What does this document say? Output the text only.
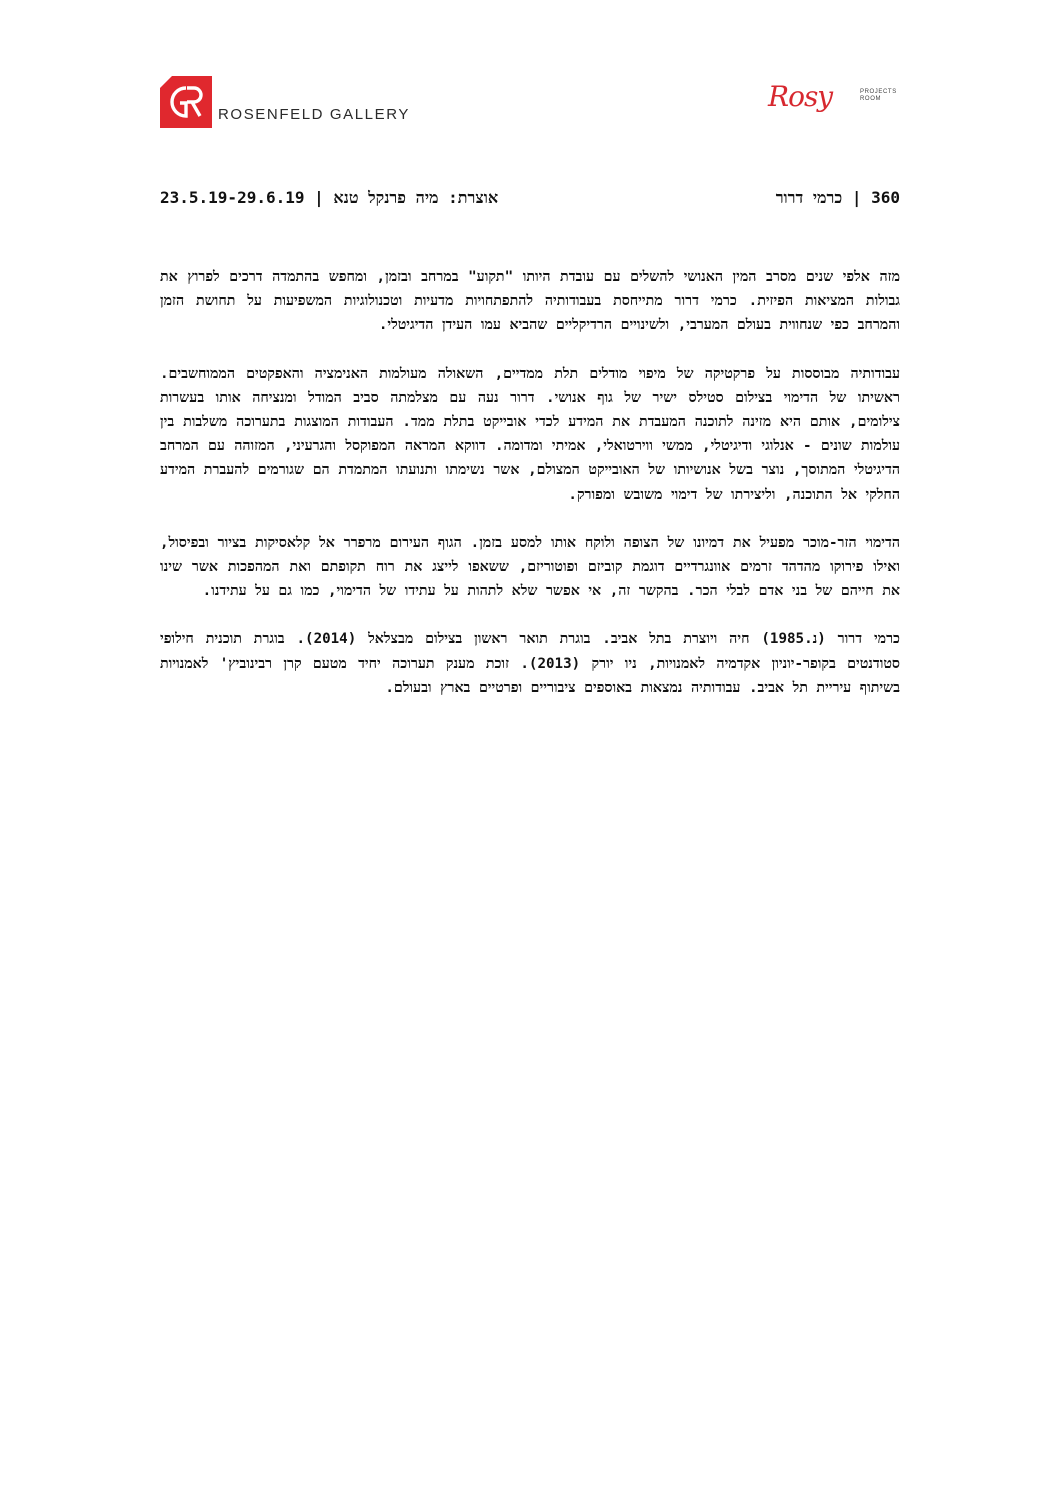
ROSENFELD GALLERY
Rosy	PROJECTS
ROOM
360 | כרמי דרור
אוצרת: מיה פרנקל טנא | 23.5.19-29.6.19

מזה אלפי שנים מסרב המין האנושי להשלים עם עובדת היותו "תקוע" במרחב ובזמן, ומחפש בהתמדה דרכים לפרוץ את גבולות המציאות הפיזית. כרמי דרור מתייחסת בעבודותיה להתפתחויות מדעיות וטכנולוגיות המשפיעות על תחושת הזמן והמרחב כפי שנחווית בעולם המערבי, ולשינויים הרדיקליים שהביא עמו העידן הדיגיטלי.

עבודותיה מבוססות על פרקטיקה של מיפוי מודלים תלת ממדיים, השאולה מעולמות האנימציה והאפקטים הממוחשבים. ראשיתו של הדימוי בצילום סטילס ישיר של גוף אנושי. דרור נעה עם מצלמתה סביב המודל ומנציחה אותו בעשרות צילומים, אותם היא מזינה לתוכנה המעבדת את המידע לכדי אובייקט בתלת ממד. העבודות המוצגות בתערוכה משלבות בין עולמות שונים - אנלוגי ודיגיטלי, ממשי ווירטואלי, אמיתי ומדומה. דווקא המראה המפוקסל והגרעיני, המזוהה עם המרחב הדיגיטלי המתוסך, נוצר בשל אנושיותו של האובייקט המצולם, אשר נשימתו ותנועתו המתמדת הם שגורמים להעברת המידע החלקי אל התוכנה, וליצירתו של דימוי משובש ומפורק.

הדימוי הזר-מוכר מפעיל את דמיונו של הצופה ולוקח אותו למסע בזמן. הגוף העירום מרפרר אל קלאסיקות בציור ובפיסול, ואילו פירוקו מהדהד זרמים אוונגרדיים דוגמת קוביזם ופוטוריזם, ששאפו לייצג את רוח תקופתם ואת המהפכות אשר שינו את חייהם של בני אדם לבלי הכר. בהקשר זה, אי אפשר שלא לתהות על עתידו של הדימוי, כמו גם על עתידנו.

כרמי דרור (נ.1985) חיה ויוצרת בתל אביב. בוגרת תואר ראשון בצילום מבצלאל (2014). בוגרת תוכנית חילופי סטודנטים בקופר-יוניון אקדמיה לאמנויות, ניו יורק (2013). זוכת מענק תערוכה יחיד מטעם קרן רבינוביץ' לאמנויות בשיתוף עיריית תל אביב. עבודותיה נמצאות באוספים ציבוריים ופרטיים בארץ ובעולם.
